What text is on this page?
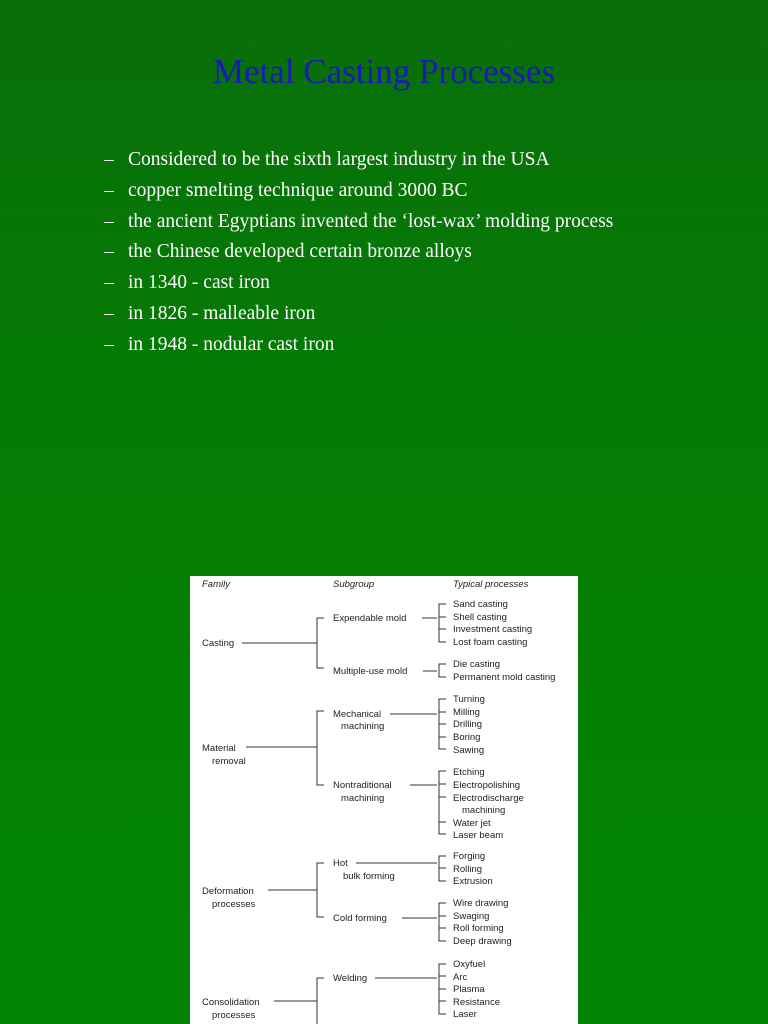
Metal Casting Processes
– Considered to be the sixth largest industry in the USA
– copper smelting technique around 3000 BC
– the ancient Egyptians invented the ‘lost-wax’ molding process
– the Chinese developed certain bronze alloys
– in 1340 - cast iron
– in 1826 - malleable iron
– in 1948 - nodular cast iron
Family	Subgroup	Typical processes
Casting
Expendable mold
Sand casting
Shell casting
Investment casting
Lost foam casting
Multiple-use mold
Die casting
Permanent mold casting
Material
removal
Mechanical
machining
Turning
Milling
Drilling
Boring
Sawing
Nontraditional
machining
Etching
Electropolishing
Electrodischarge
machining
Water jet
Laser beam
Deformation
processes
Hot
bulk forming
Forging
Rolling
Extrusion
Cold forming
Wire drawing
Swaging
Roll forming
Deep drawing
Consolidation
processes
Welding
Oxyfuel
Arc
Plasma
Resistance
Laser
